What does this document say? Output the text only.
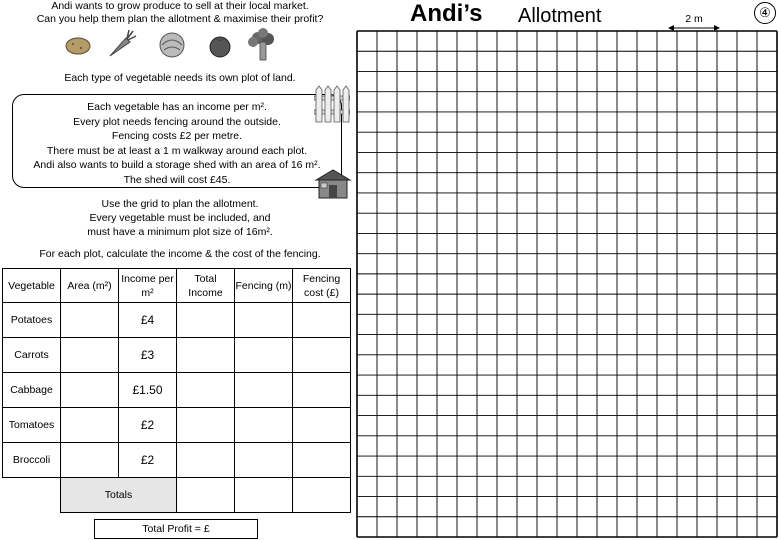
Andi wants to grow produce to sell at their local market.
Can you help them plan the allotment & maximise their profit?
Each type of vegetable needs its own plot of land.
Each vegetable has an income per m².
Every plot needs fencing around the outside.
Fencing costs £2 per metre.
There must be at least a 1 m walkway around each plot.
Andi also wants to build a storage shed with an area of 16 m².
The shed will cost £45.
Use the grid to plan the allotment.
Every vegetable must be included, and
must have a minimum plot size of 16m².
For each plot, calculate the income & the cost of the fencing.
Vegetable	Area (m²)	Income per m²	Total Income	Fencing (m)	Fencing cost (£)
Potatoes		£4			
Carrots		£3			
Cabbage		£1.50			
Tomatoes		£2			
Broccoli		£2			
	Totals				
Total Profit = £
Andi’s Allotment	2 m	④
